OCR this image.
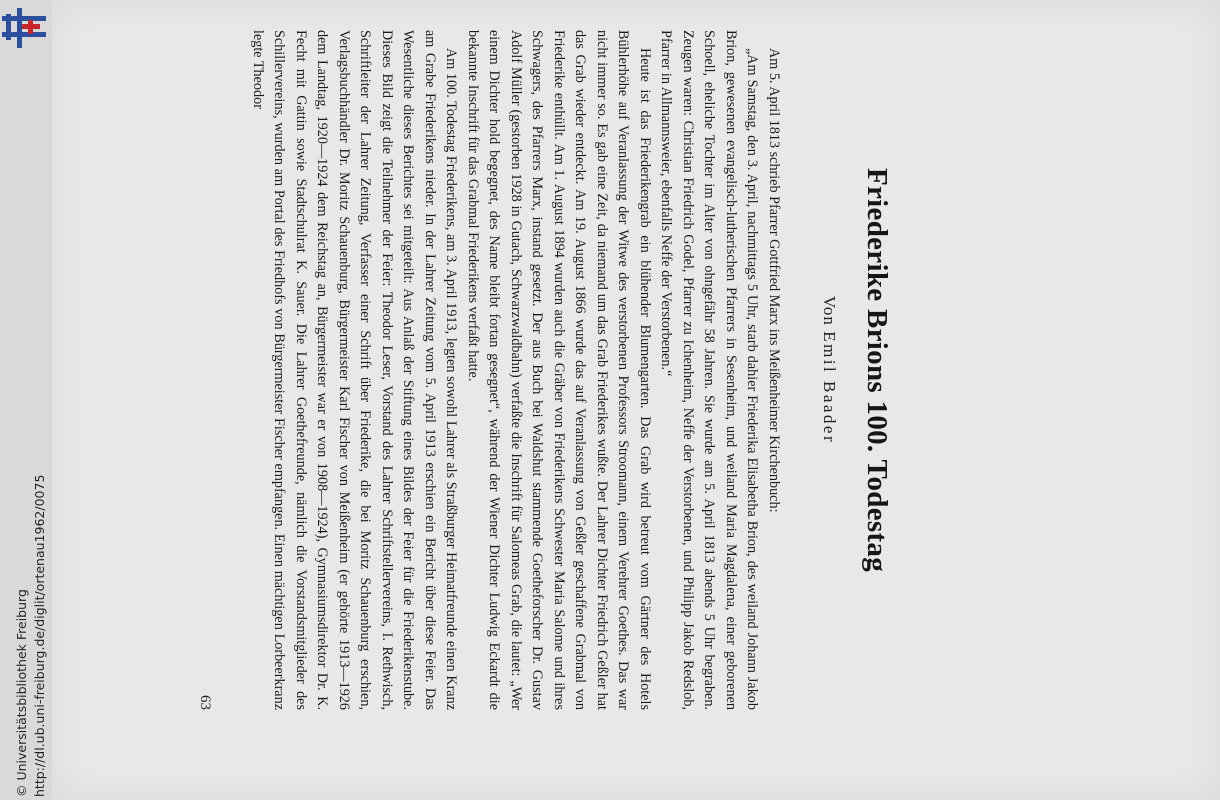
http://dl.ub.uni-freiburg.de/diglit/ortenau1962/0075
© Universitätsbibliothek Freiburg
Friederike Brions 100. Todestag
Von Emil Baader

Am 5. April 1813 schrieb Pfarrer Gottfried Marx ins Meißenheimer Kirchenbuch:

„Am Samstag, den 3. April, nachmittags 5 Uhr, starb dahier Friederika Elisabetha Brion, des weiland Johann Jakob Brion, gewesenen evangelisch-lutherischen Pfarrers in Sesenheim, und weiland Maria Magdalena, einer geborenen Schoell, eheliche Tochter im Alter von ohngefähr 58 Jahren. Sie wurde am 5. April 1813 abends 5 Uhr begraben. Zeugen waren: Christian Friedrich Godel, Pfarrer zu Ichenheim, Neffe der Verstorbenen, und Philipp Jakob Redslob, Pfarrer in Allmannsweier, ebenfalls Neffe der Verstorbenen.“

Heute ist das Friederikengrab ein blühender Blumengarten. Das Grab wird betreut vom Gärtner des Hotels Bühlerhöhe auf Veranlassung der Witwe des verstorbenen Professors Stroomann, einem Verehrer Goethes. Das war nicht immer so. Es gab eine Zeit, da niemand um das Grab Friederikes wußte. Der Lahrer Dichter Friedrich Geßler hat das Grab wieder entdeckt. Am 19. August 1866 wurde das auf Veranlassung von Geßler geschaffene Grabmal von Friederike enthüllt. Am 1. August 1894 wurden auch die Gräber von Friederikens Schwester Maria Salome und ihres Schwagers, des Pfarrers Marx, instand gesetzt. Der aus Buch bei Waldshut stammende Goetheforscher Dr. Gustav Adolf Müller (gestorben 1928 in Gutach, Schwarzwaldbahn) verfaßte die Inschrift für Salomeas Grab, die lautet: „Wer einem Dichter hold begegnet, des Name bleibt fortan gesegnet“, während der Wiener Dichter Ludwig Eckardt die bekannte Inschrift für das Grabmal Friederikens verfaßt hatte.

Am 100. Todestag Friederikens, am 3. April 1913, legten sowohl Lahrer als Straßburger Heimatfreunde einen Kranz am Grabe Friederikens nieder. In der Lahrer Zeitung vom 5. April 1913 erschien ein Bericht über diese Feier. Das Wesentliche dieses Berichtes sei mitgeteilt: Aus Anlaß der Stiftung eines Bildes der Feier für die Friederikenstube. Dieses Bild zeigt die Teilnehmer der Feier: Theodor Leser, Vorstand des Lahrer Schriftstellervereins, I. Rethwisch, Schriftleiter der Lahrer Zeitung, Verfasser einer Schrift über Friederike, die bei Moritz Schauenburg erschien, Verlagsbuchhändler Dr. Moritz Schauenburg, Bürgermeister Karl Fischer von Meißenheim (er gehörte 1913—1926 dem Landtag, 1920—1924 dem Reichstag an, Bürgermeister war er von 1908—1924), Gymnasiumsdirektor Dr. K. Fecht mit Gattin sowie Stadtschulrat K. Sauer. Die Lahrer Goethefreunde, nämlich die Vorstandsmitglieder des Schillervereins, wurden am Portal des Friedhofs von Bürgermeister Fischer empfangen. Einen mächtigen Lorbeerkranz legte Theodor

63
